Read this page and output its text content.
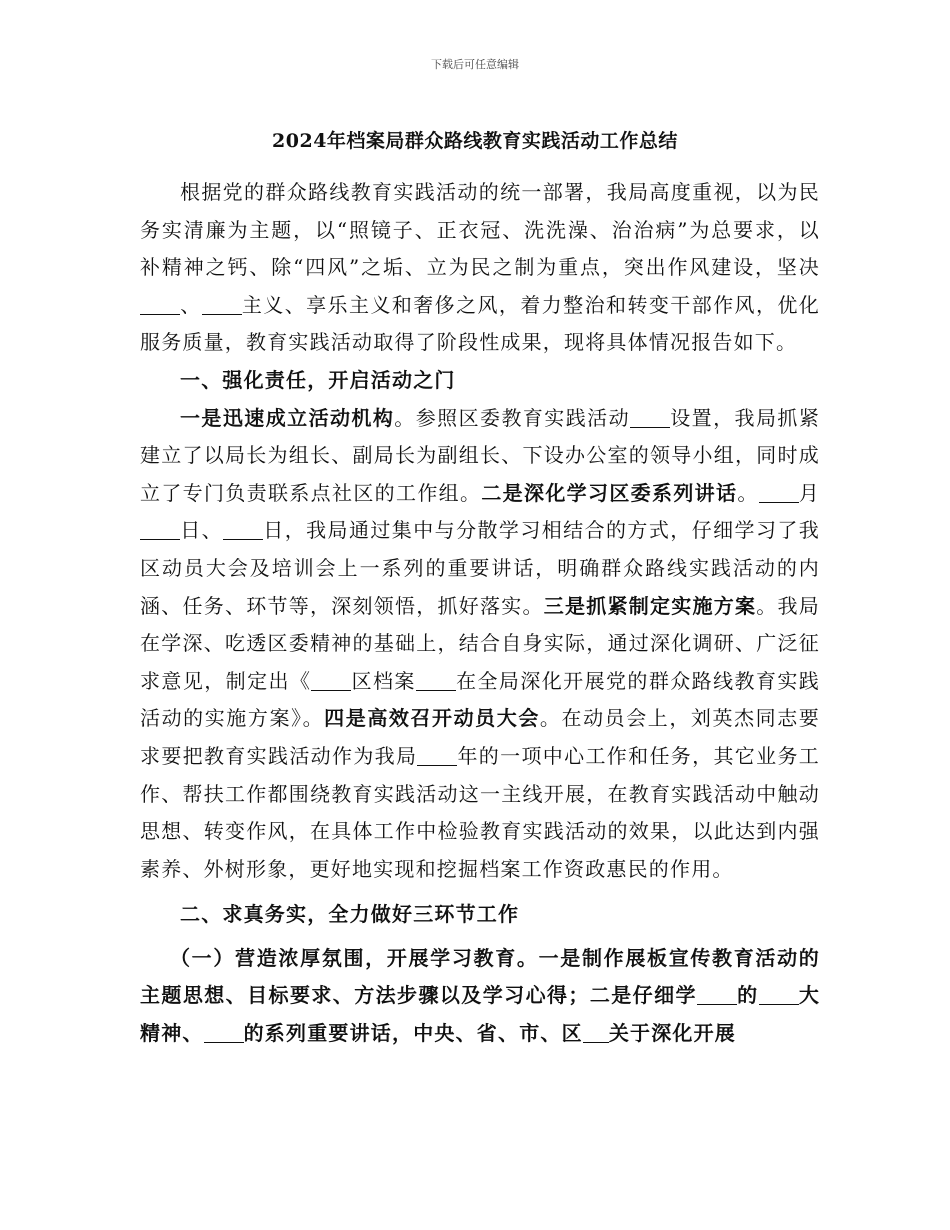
下载后可任意编辑
2024年档案局群众路线教育实践活动工作总结

根据党的群众路线教育实践活动的统一部署，我局高度重视，以为民务实清廉为主题，以“照镜子、正衣冠、洗洗澡、治治病”为总要求，以补精神之钙、除“四风”之垢、立为民之制为重点，突出作风建设，坚决、 主义、享乐主义和奢侈之风，着力整治和转变干部作风，优化服务质量，教育实践活动取得了阶段性成果，现将具体情况报告如下。

一、强化责任，开启活动之门

一是迅速成立活动机构。参照区委教育实践活动 设置，我局抓紧建立了以局长为组长、副局长为副组长、下设办公室的领导小组，同时成立了专门负责联系点社区的工作组。二是深化学习区委系列讲话。 月日、 日，我局通过集中与分散学习相结合的方式，仔细学习了我区动员大会及培训会上一系列的重要讲话，明确群众路线实践活动的内涵、任务、环节等，深刻领悟，抓好落实。三是抓紧制定实施方案。我局在学深、吃透区委精神的基础上，结合自身实际，通过深化调研、广泛征求意见，制定出《 区档案 在全局深化开展党的群众路线教育实践活动的实施方案》。四是高效召开动员大会。在动员会上，刘英杰同志要求要把教育实践活动作为我局 年的一项中心工作和任务，其它业务工作、帮扶工作都围绕教育实践活动这一主线开展，在教育实践活动中触动思想、转变作风，在具体工作中检验教育实践活动的效果，以此达到内强素养、外树形象，更好地实现和挖掘档案工作资政惠民的作用。

二、求真务实，全力做好三环节工作

（一）营造浓厚氛围，开展学习教育。一是制作展板宣传教育活动的主题思想、目标要求、方法步骤以及学习心得；二是仔细学 的 大精神、 的系列重要讲话，中央、省、市、区 关于深化开展
